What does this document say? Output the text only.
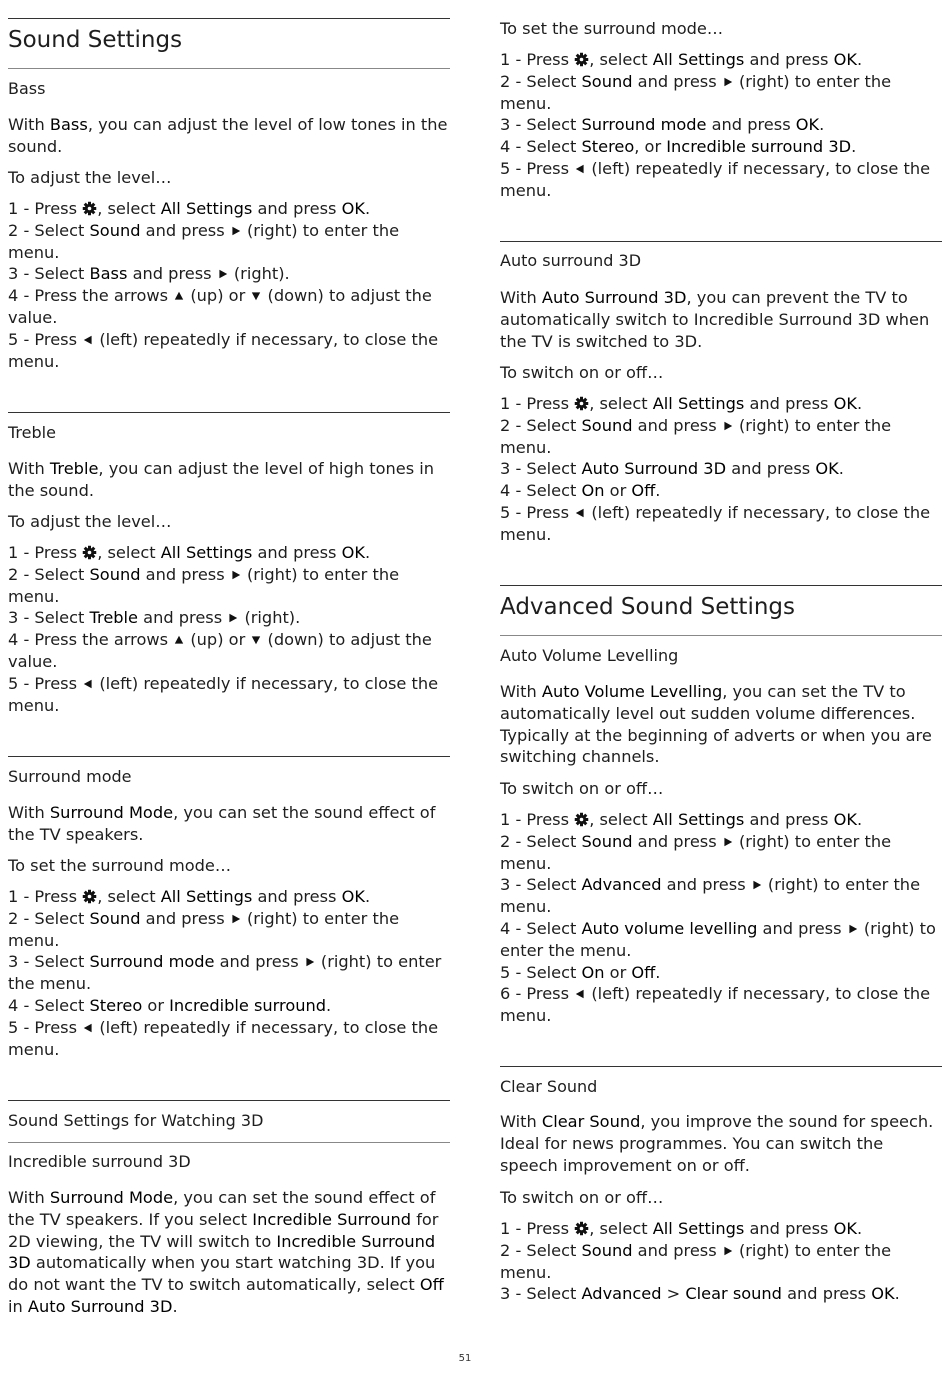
Sound Settings
Bass
With Bass, you can adjust the level of low tones in the sound.
To adjust the level…
1 - Press , select All Settings and press OK.
2 - Select Sound and press  (right) to enter the menu.
3 - Select Bass and press  (right).
4 - Press the arrows  (up) or  (down) to adjust the value.
5 - Press  (left) repeatedly if necessary, to close the menu.
Treble
With Treble, you can adjust the level of high tones in the sound.
To adjust the level…
1 - Press , select All Settings and press OK.
2 - Select Sound and press  (right) to enter the menu.
3 - Select Treble and press  (right).
4 - Press the arrows  (up) or  (down) to adjust the value.
5 - Press  (left) repeatedly if necessary, to close the menu.
Surround mode
With Surround Mode, you can set the sound effect of the TV speakers.
To set the surround mode…
1 - Press , select All Settings and press OK.
2 - Select Sound and press  (right) to enter the menu.
3 - Select Surround mode and press  (right) to enter the menu.
4 - Select Stereo or Incredible surround.
5 - Press  (left) repeatedly if necessary, to close the menu.
Sound Settings for Watching 3D
Incredible surround 3D
With Surround Mode, you can set the sound effect of the TV speakers. If you select Incredible Surround for 2D viewing, the TV will switch to Incredible Surround 3D automatically when you start watching 3D. If you do not want the TV to switch automatically, select Off in Auto Surround 3D.
To set the surround mode…
1 - Press , select All Settings and press OK.
2 - Select Sound and press  (right) to enter the menu.
3 - Select Surround mode and press OK.
4 - Select Stereo, or Incredible surround 3D.
5 - Press  (left) repeatedly if necessary, to close the menu.
Auto surround 3D
With Auto Surround 3D, you can prevent the TV to automatically switch to Incredible Surround 3D when the TV is switched to 3D.
To switch on or off…
1 - Press , select All Settings and press OK.
2 - Select Sound and press  (right) to enter the menu.
3 - Select Auto Surround 3D and press OK.
4 - Select On or Off.
5 - Press  (left) repeatedly if necessary, to close the menu.
Advanced Sound Settings
Auto Volume Levelling
With Auto Volume Levelling, you can set the TV to automatically level out sudden volume differences. Typically at the beginning of adverts or when you are switching channels.
To switch on or off…
1 - Press , select All Settings and press OK.
2 - Select Sound and press  (right) to enter the menu.
3 - Select Advanced and press  (right) to enter the menu.
4 - Select Auto volume levelling and press  (right) to enter the menu.
5 - Select On or Off.
6 - Press  (left) repeatedly if necessary, to close the menu.
Clear Sound
With Clear Sound, you improve the sound for speech. Ideal for news programmes. You can switch the speech improvement on or off.
To switch on or off…
1 - Press , select All Settings and press OK.
2 - Select Sound and press  (right) to enter the menu.
3 - Select Advanced > Clear sound and press OK.
51
